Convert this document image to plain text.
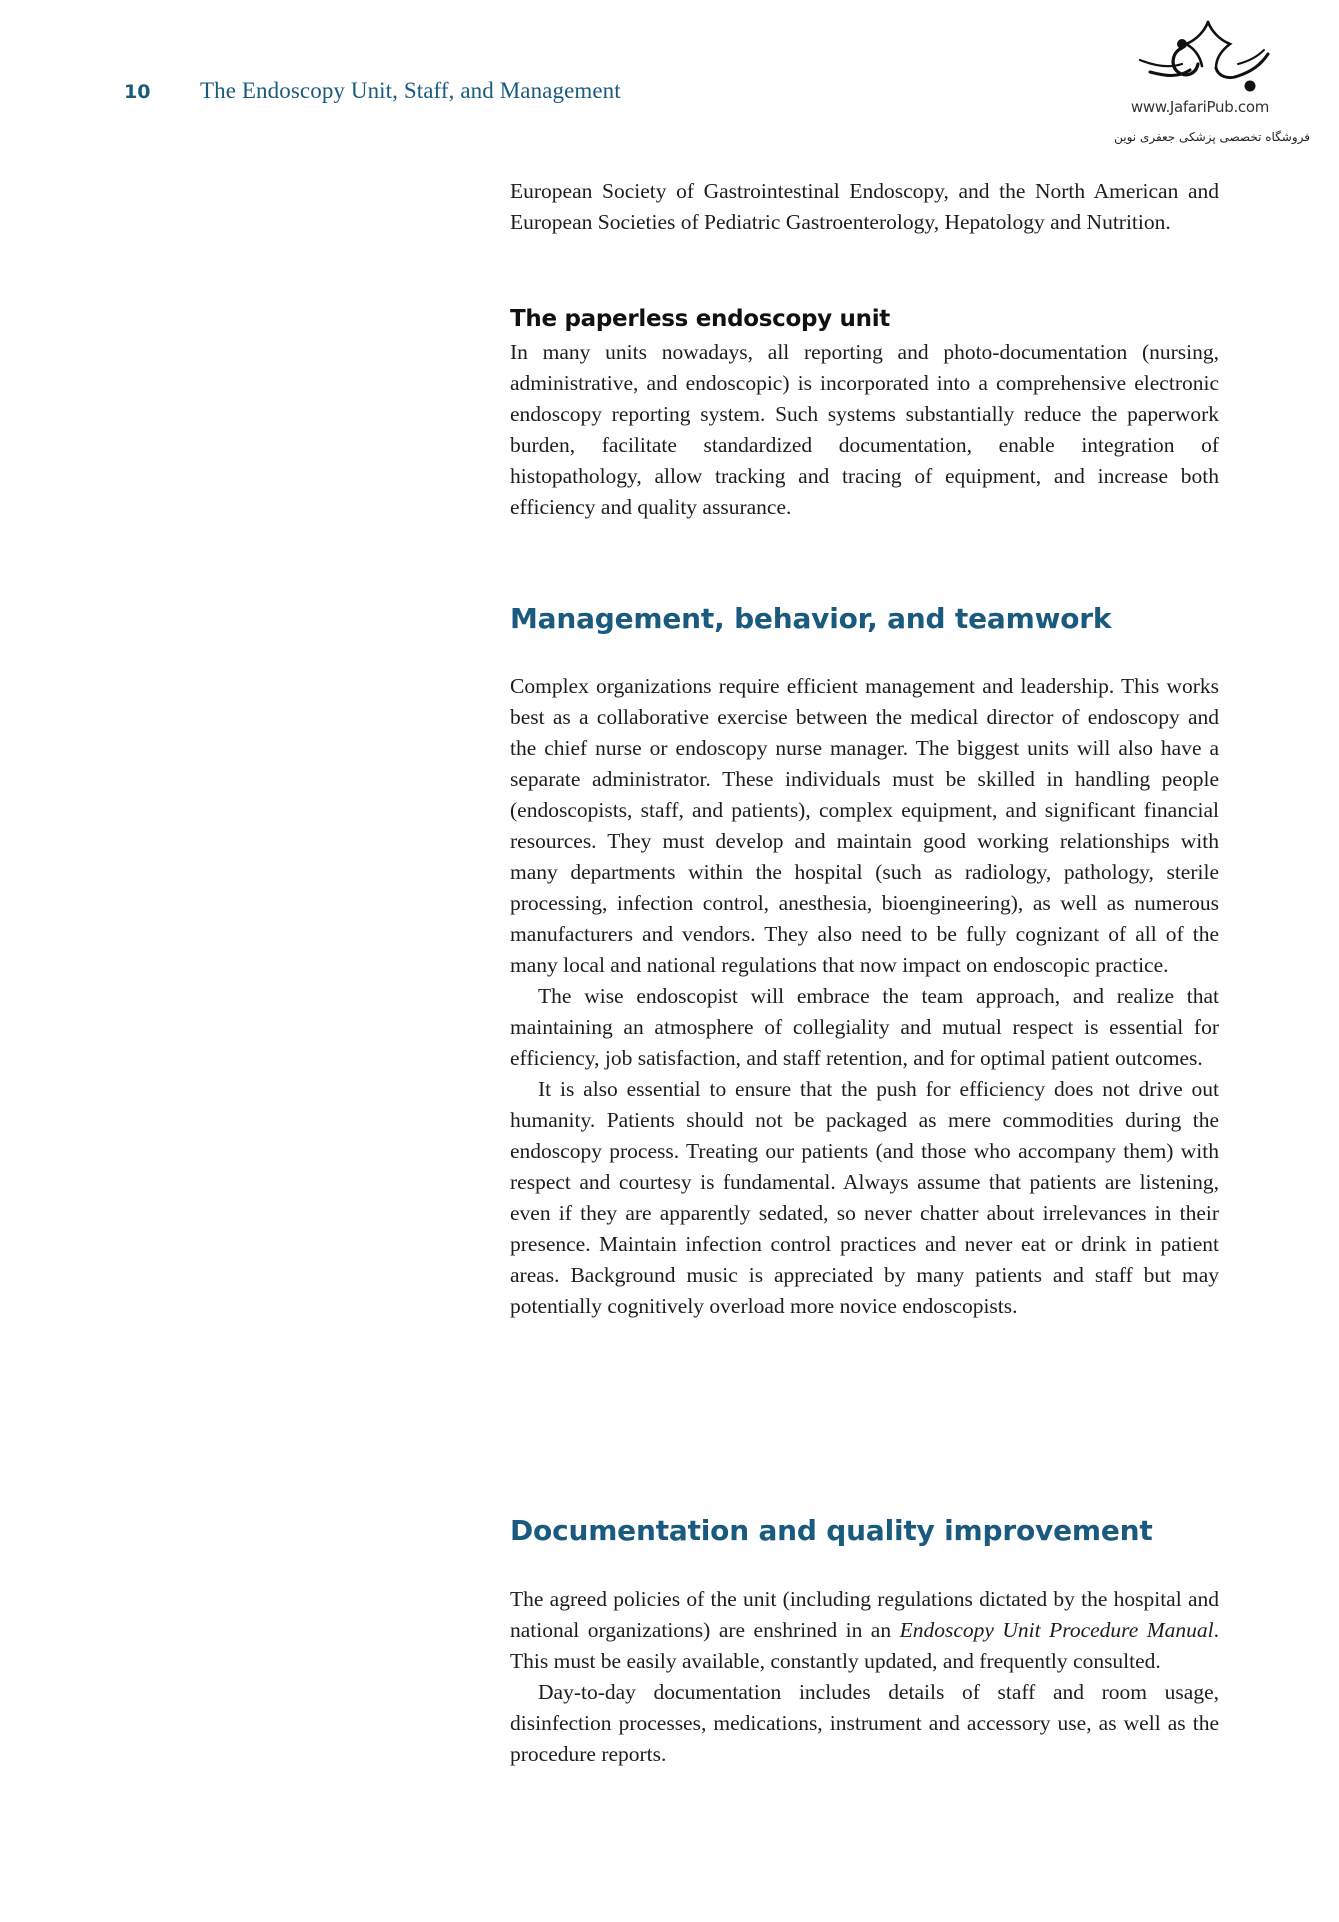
10	The Endoscopy Unit, Staff, and Management
www.JafariPub.com
فروشگاه تخصصی پزشکی جعفری نوین

European Society of Gastrointestinal Endoscopy, and the North American and European Societies of Pediatric Gastroenterology, Hepatology and Nutrition.

The paperless endoscopy unit

In many units nowadays, all reporting and photo-documentation (nursing, administrative, and endoscopic) is incorporated into a comprehensive electronic endoscopy reporting system. Such systems substantially reduce the paperwork burden, facilitate standardized documentation, enable integration of histopathology, allow tracking and tracing of equipment, and increase both efficiency and quality assurance.

Management, behavior, and teamwork

Complex organizations require efficient management and leadership. This works best as a collaborative exercise between the medical director of endoscopy and the chief nurse or endoscopy nurse manager. The biggest units will also have a separate administrator. These individuals must be skilled in handling people (endoscopists, staff, and patients), complex equipment, and significant financial resources. They must develop and maintain good working relationships with many departments within the hospital (such as radiology, pathology, sterile processing, infection control, anesthesia, bioengineering), as well as numerous manufacturers and vendors. They also need to be fully cognizant of all of the many local and national regulations that now impact on endoscopic practice.

The wise endoscopist will embrace the team approach, and realize that maintaining an atmosphere of collegiality and mutual respect is essential for efficiency, job satisfaction, and staff retention, and for optimal patient outcomes.

It is also essential to ensure that the push for efficiency does not drive out humanity. Patients should not be packaged as mere commodities during the endoscopy process. Treating our patients (and those who accompany them) with respect and courtesy is fundamental. Always assume that patients are listening, even if they are apparently sedated, so never chatter about irrelevances in their presence. Maintain infection control practices and never eat or drink in patient areas. Background music is appreciated by many patients and staff but may potentially cognitively overload more novice endoscopists.

Documentation and quality improvement

The agreed policies of the unit (including regulations dictated by the hospital and national organizations) are enshrined in an Endoscopy Unit Procedure Manual. This must be easily available, constantly updated, and frequently consulted.

Day-to-day documentation includes details of staff and room usage, disinfection processes, medications, instrument and accessory use, as well as the procedure reports.
